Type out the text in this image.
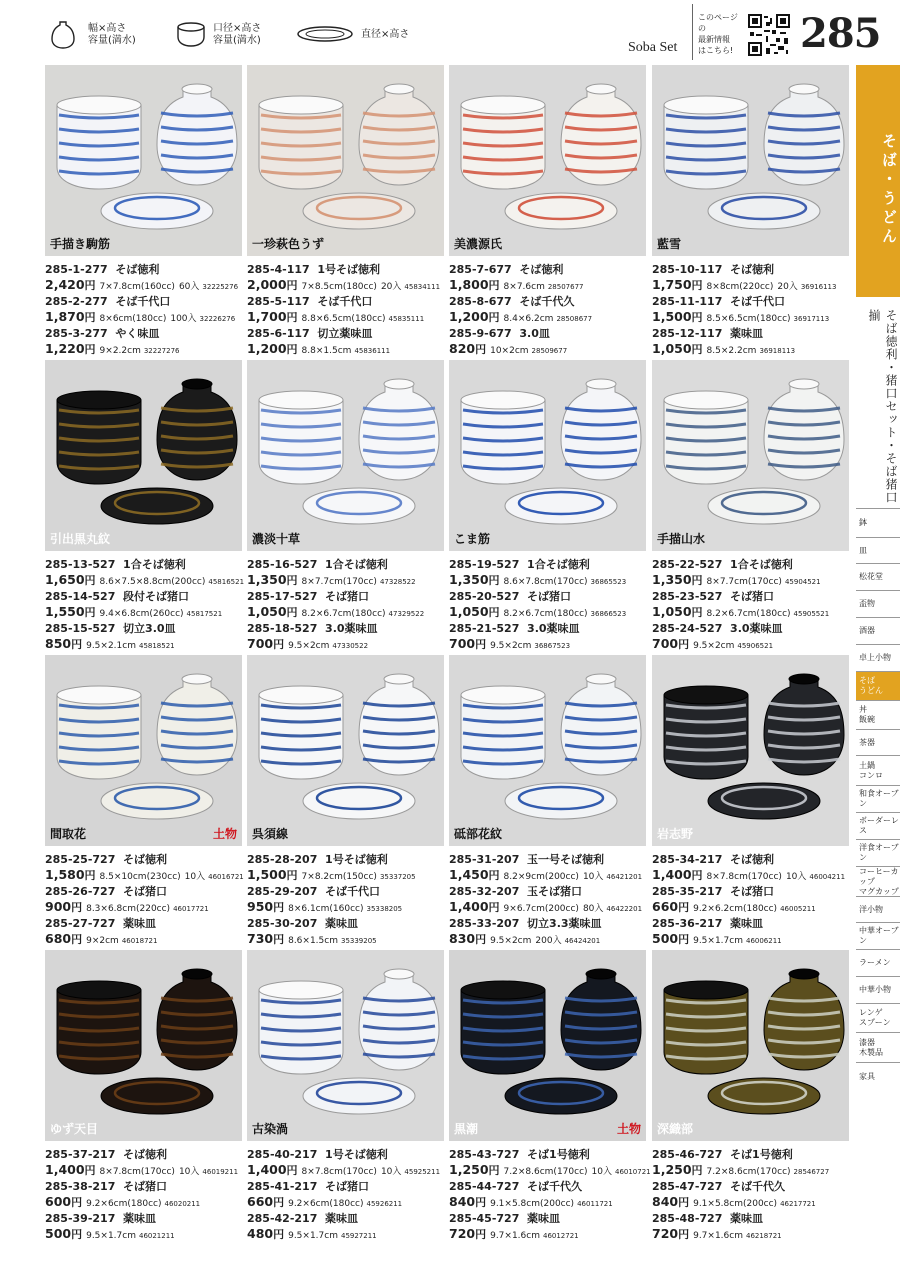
幅×高さ
容量(満水)
口径×高さ
容量(満水)
直径×高さ
Soba Set
このページの
最新情報
はこちら! 285
手描き駒筋
285-1-277 そば徳利
2,420円 7×7.8cm(160cc) 60入 32225276
285-2-277 そば千代口
1,870円 8×6cm(180cc) 100入 32226276
285-3-277 やく味皿
1,220円 9×2.2cm 32227276
一珍萩色うず
285-4-117 1号そば徳利
2,000円 7×8.5cm(180cc) 20入 45834111
285-5-117 そば千代口
1,700円 8.8×6.5cm(180cc) 45835111
285-6-117 切立薬味皿
1,200円 8.8×1.5cm 45836111
美濃源氏
285-7-677 そば徳利
1,800円 8×7.6cm 28507677
285-8-677 そば千代久
1,200円 8.4×6.2cm 28508677
285-9-677 3.0皿
820円 10×2cm 28509677
藍雪
285-10-117 そば徳利
1,750円 8×8cm(220cc) 20入 36916113
285-11-117 そば千代口
1,500円 8.5×6.5cm(180cc) 36917113
285-12-117 薬味皿
1,050円 8.5×2.2cm 36918113
引出黒丸紋
285-13-527 1合そば徳利
1,650円 8.6×7.5×8.8cm(200cc) 45816521
285-14-527 段付そば猪口
1,550円 9.4×6.8cm(260cc) 45817521
285-15-527 切立3.0皿
850円 9.5×2.1cm 45818521
濃淡十草
285-16-527 1合そば徳利
1,350円 8×7.7cm(170cc) 47328522
285-17-527 そば猪口
1,050円 8.2×6.7cm(180cc) 47329522
285-18-527 3.0薬味皿
700円 9.5×2cm 47330522
こま筋
285-19-527 1合そば徳利
1,350円 8.6×7.8cm(170cc) 36865523
285-20-527 そば猪口
1,050円 8.2×6.7cm(180cc) 36866523
285-21-527 3.0薬味皿
700円 9.5×2cm 36867523
手描山水
285-22-527 1合そば徳利
1,350円 8×7.7cm(170cc) 45904521
285-23-527 そば猪口
1,050円 8.2×6.7cm(180cc) 45905521
285-24-527 3.0薬味皿
700円 9.5×2cm 45906521
間取花	土物
285-25-727 そば徳利
1,580円 8.5×10cm(230cc) 10入 46016721
285-26-727 そば猪口
900円 8.3×6.8cm(220cc) 46017721
285-27-727 薬味皿
680円 9×2cm 46018721
呉須線
285-28-207 1号そば徳利
1,500円 7×8.2cm(150cc) 35337205
285-29-207 そば千代口
950円 8×6.1cm(160cc) 35338205
285-30-207 薬味皿
730円 8.6×1.5cm 35339205
砥部花紋
285-31-207 玉一号そば徳利
1,450円 8.2×9cm(200cc) 10入 46421201
285-32-207 玉そば猪口
1,400円 9×6.7cm(200cc) 80入 46422201
285-33-207 切立3.3薬味皿
830円 9.5×2cm 200入 46424201
岩志野
285-34-217 そば徳利
1,400円 8×7.8cm(170cc) 10入 46004211
285-35-217 そば猪口
660円 9.2×6.2cm(180cc) 46005211
285-36-217 薬味皿
500円 9.5×1.7cm 46006211
ゆず天目
285-37-217 そば徳利
1,400円 8×7.8cm(170cc) 10入 46019211
285-38-217 そば猪口
600円 9.2×6cm(180cc) 46020211
285-39-217 薬味皿
500円 9.5×1.7cm 46021211
古染渦
285-40-217 1号そば徳利
1,400円 8×7.8cm(170cc) 10入 45925211
285-41-217 そば猪口
660円 9.2×6cm(180cc) 45926211
285-42-217 薬味皿
480円 9.5×1.7cm 45927211
黒潮	土物
285-43-727 そば1号徳利
1,250円 7.2×8.6cm(170cc) 10入 46010721
285-44-727 そば千代久
840円 9.1×5.8cm(200cc) 46011721
285-45-727 薬味皿
720円 9.7×1.6cm 46012721
深織部
285-46-727 そば1号徳利
1,250円 7.2×8.6cm(170cc) 28546727
285-47-727 そば千代久
840円 9.1×5.8cm(200cc) 46217721
285-48-727 薬味皿
720円 9.7×1.6cm 46218721
そば・うどん
そば徳利・猪口セット・そば猪口揃
鉢
皿
松花堂
盃物
酒器
卓上小物
そば
うどん
丼
飯碗
茶器
土鍋
コンロ
和食オーブン
ボーダーレス
洋食オーブン
コーヒーカップ
マグカップ
洋小物
中華オーブン
ラーメン
中華小物
レンゲ
スプーン
漆器
木製品
家具
